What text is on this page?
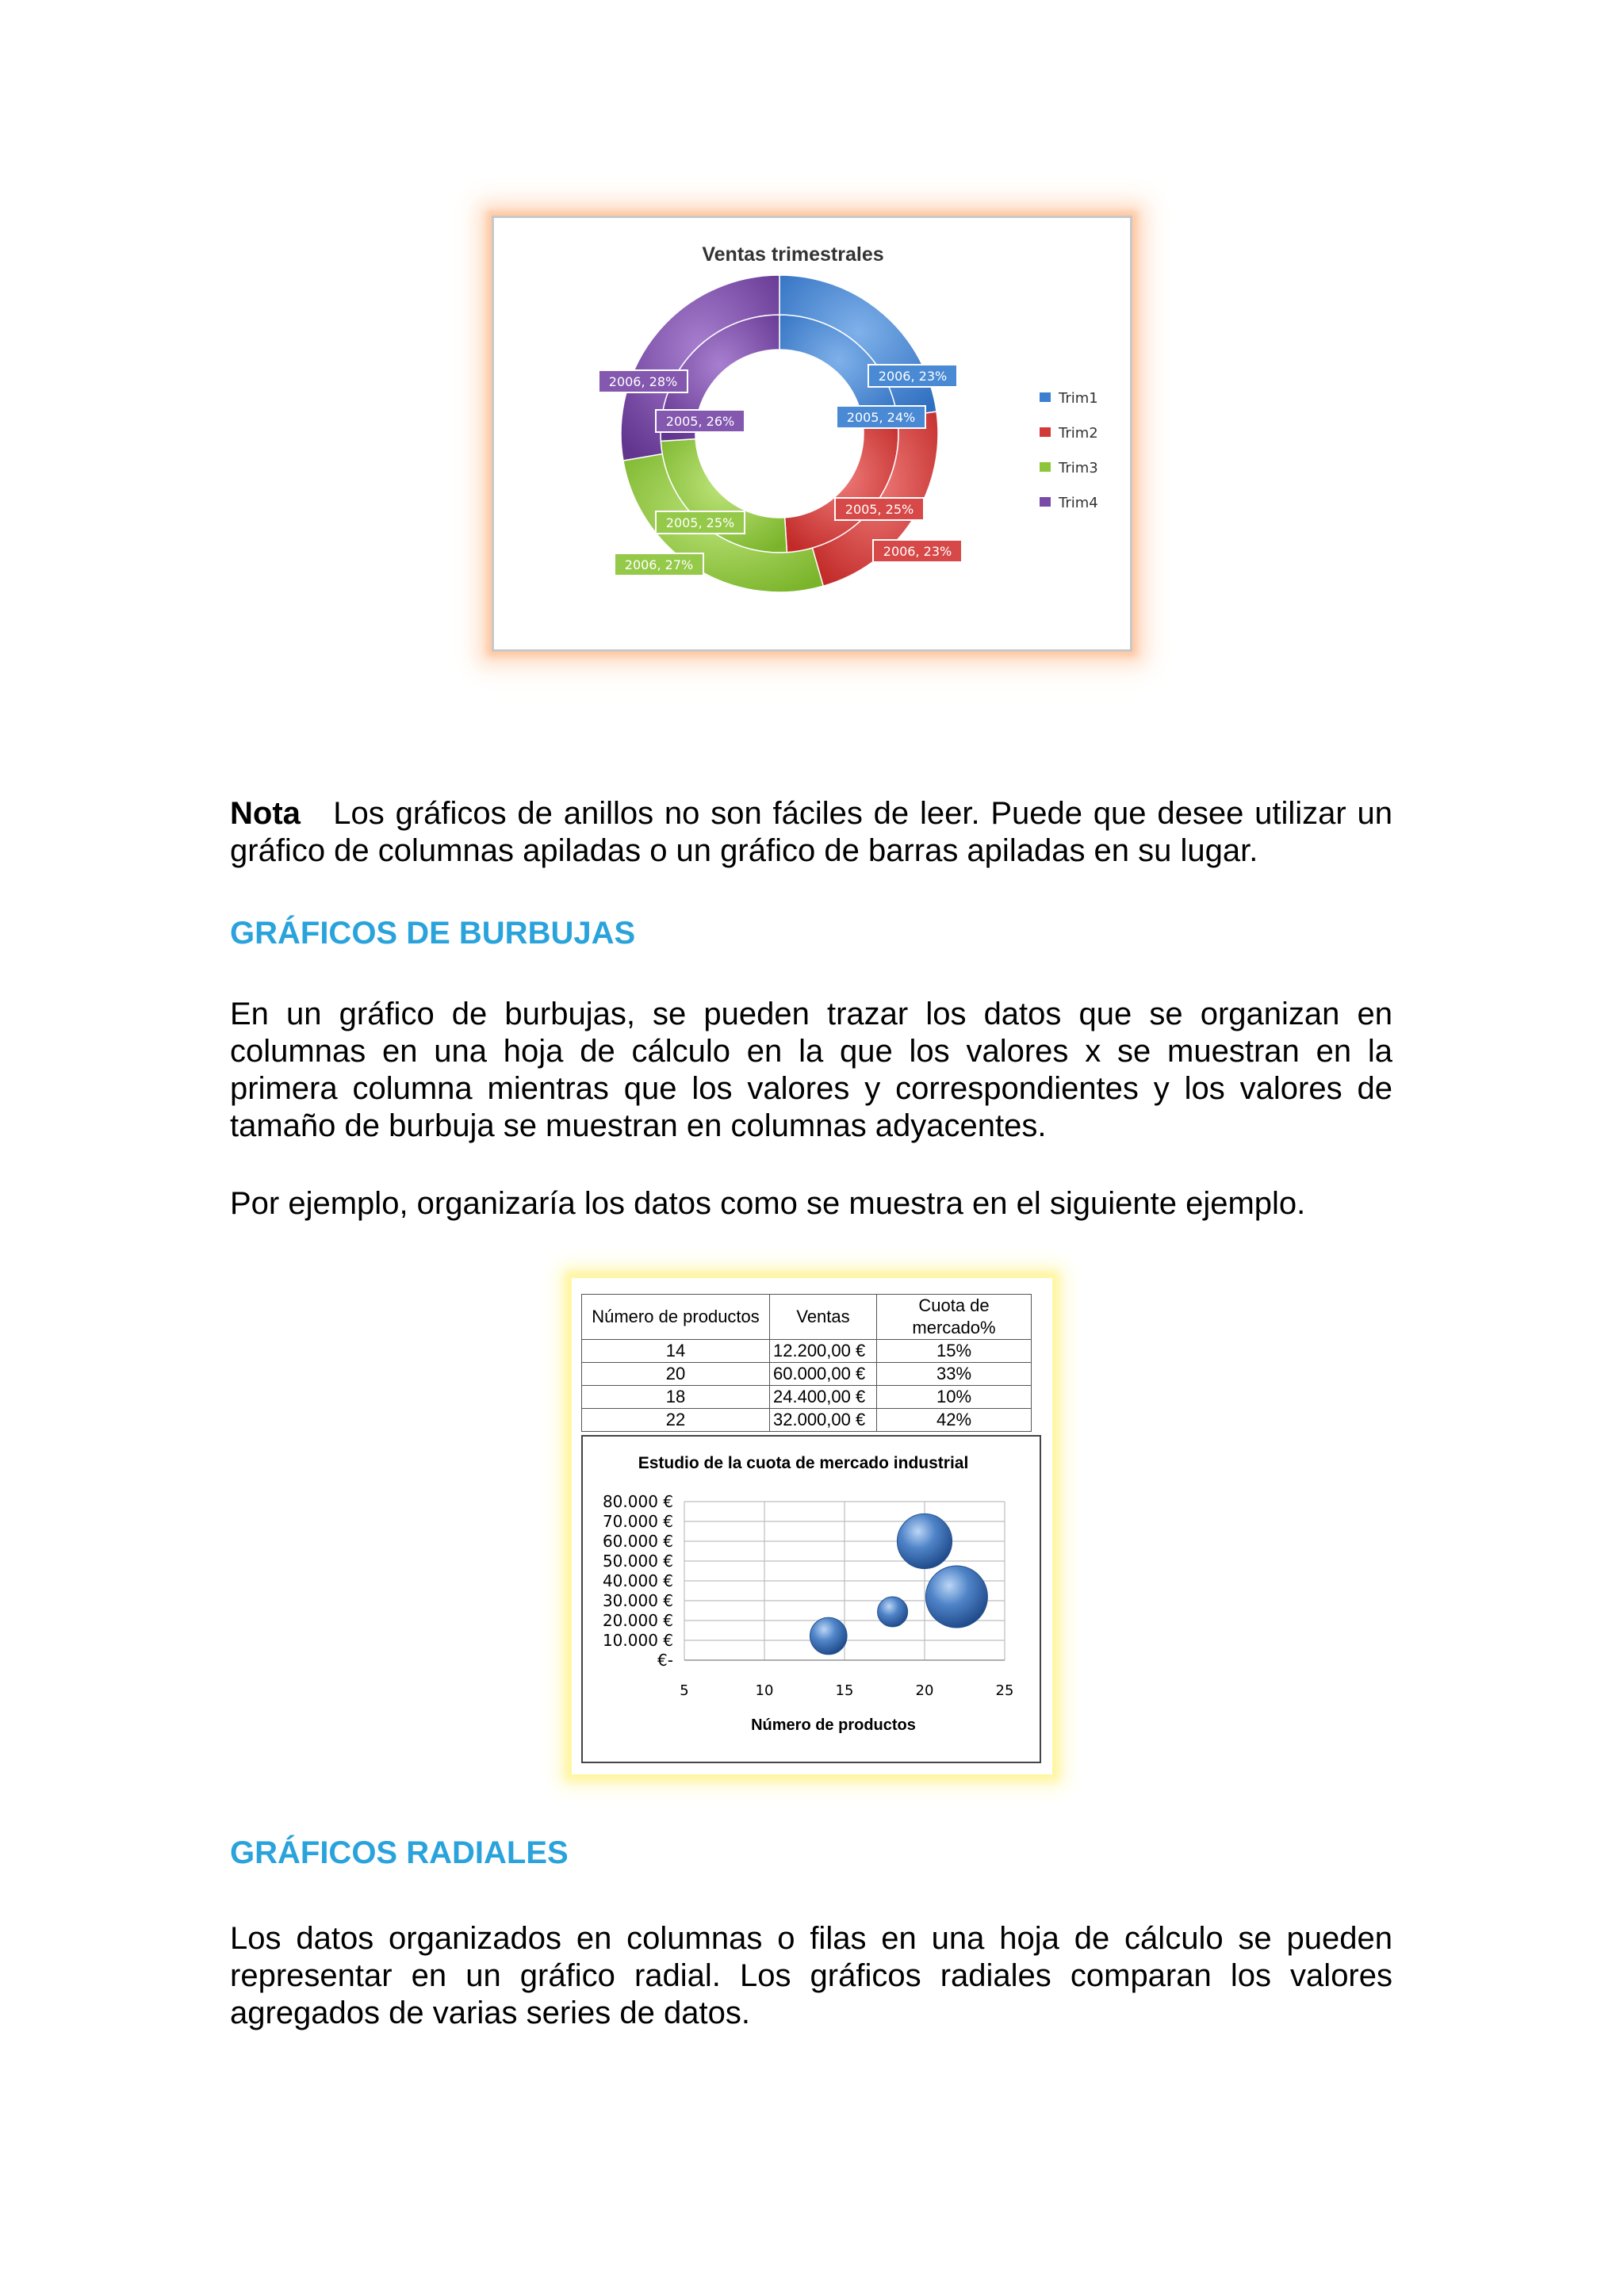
Ventas trimestrales
2006, 23%
2005, 24%
2005, 25%
2006, 23%
2005, 25%
2006, 27%
2005, 26%
2006, 28%
Trim1
Trim2
Trim3
Trim4

Nota Los gráficos de anillos no son fáciles de leer. Puede que desee utilizar un gráfico de columnas apiladas o un gráfico de barras apiladas en su lugar.

GRÁFICOS DE BURBUJAS

En un gráfico de burbujas, se pueden trazar los datos que se organizan en columnas en una hoja de cálculo en la que los valores x se muestran en la primera columna mientras que los valores y correspondientes y los valores de tamaño de burbuja se muestran en columnas adyacentes.

Por ejemplo, organizaría los datos como se muestra en el siguiente ejemplo.

Número de productos	Ventas	Cuota de mercado%
14	12.200,00 €	15%
20	60.000,00 €	33%
18	24.400,00 €	10%
22	32.000,00 €	42%
Estudio de la cuota de mercado industrial
€-
10.000 €
20.000 €
30.000 €
40.000 €
50.000 €
60.000 €
70.000 €
80.000 €
5	10	15	20	25
Número de productos
GRÁFICOS RADIALES

Los datos organizados en columnas o filas en una hoja de cálculo se pueden representar en un gráfico radial. Los gráficos radiales comparan los valores agregados de varias series de datos.
